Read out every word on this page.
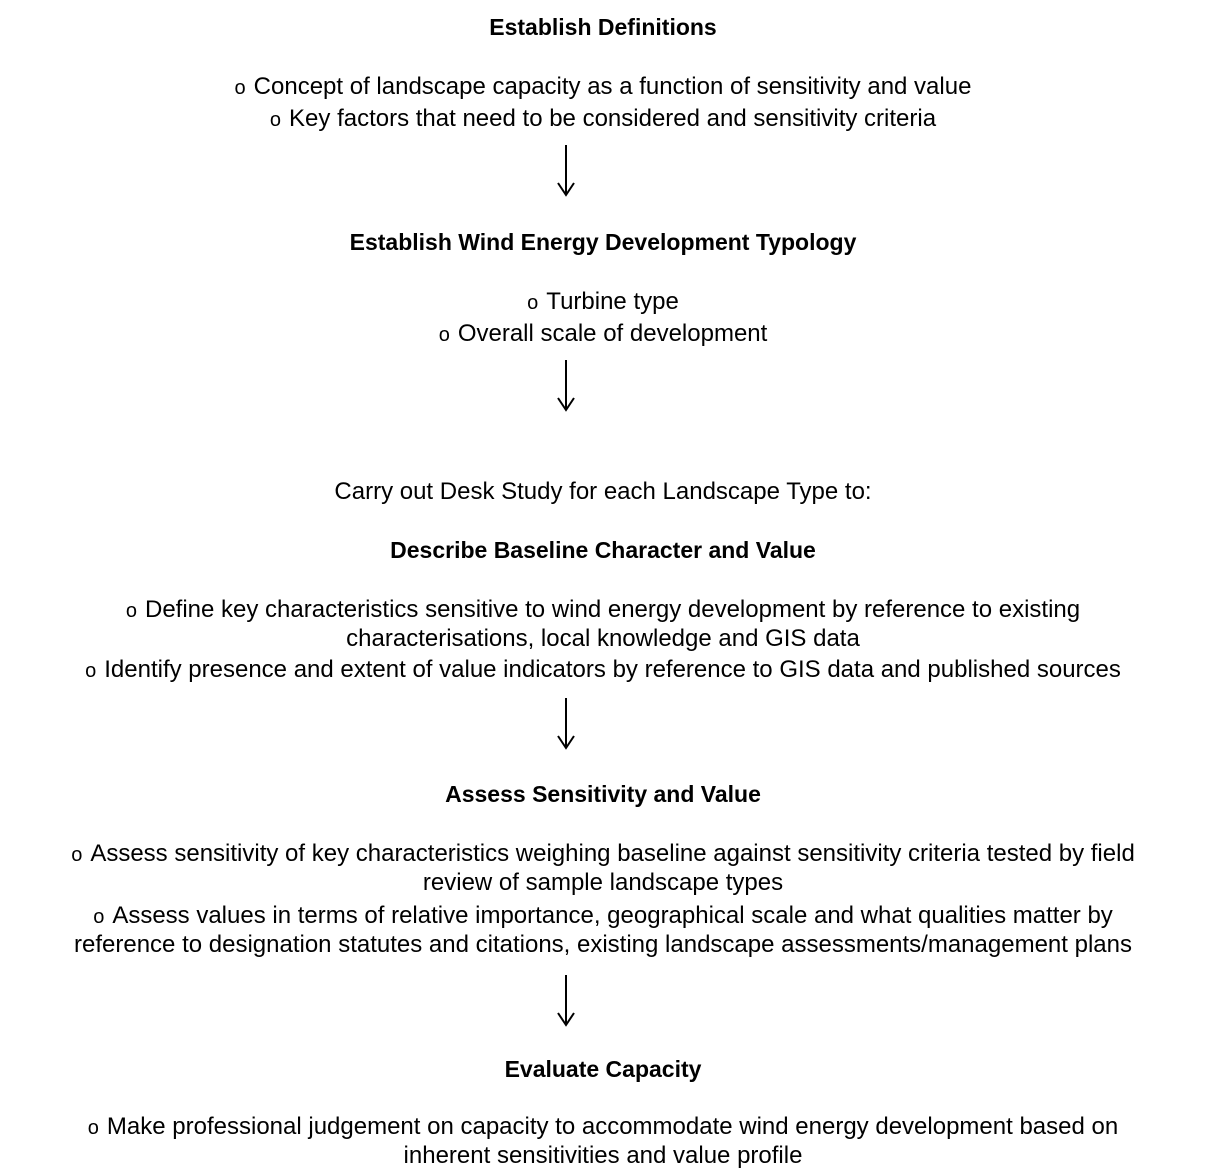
Establish Definitions
o Concept of landscape capacity as a function of sensitivity and value
o Key factors that need to be considered and sensitivity criteria
Establish Wind Energy Development Typology
o Turbine type
o Overall scale of development
Carry out Desk Study for each Landscape Type to:
Describe Baseline Character and Value
o Define key characteristics sensitive to wind energy development by reference to existing
characterisations, local knowledge and GIS data
o Identify presence and extent of value indicators by reference to GIS data and published sources
Assess Sensitivity and Value
o Assess sensitivity of key characteristics weighing baseline against sensitivity criteria tested by field
review of sample landscape types
o Assess values in terms of relative importance, geographical scale and what qualities matter by
reference to designation statutes and citations, existing landscape assessments/management plans
Evaluate Capacity
o Make professional judgement on capacity to accommodate wind energy development based on
inherent sensitivities and value profile
